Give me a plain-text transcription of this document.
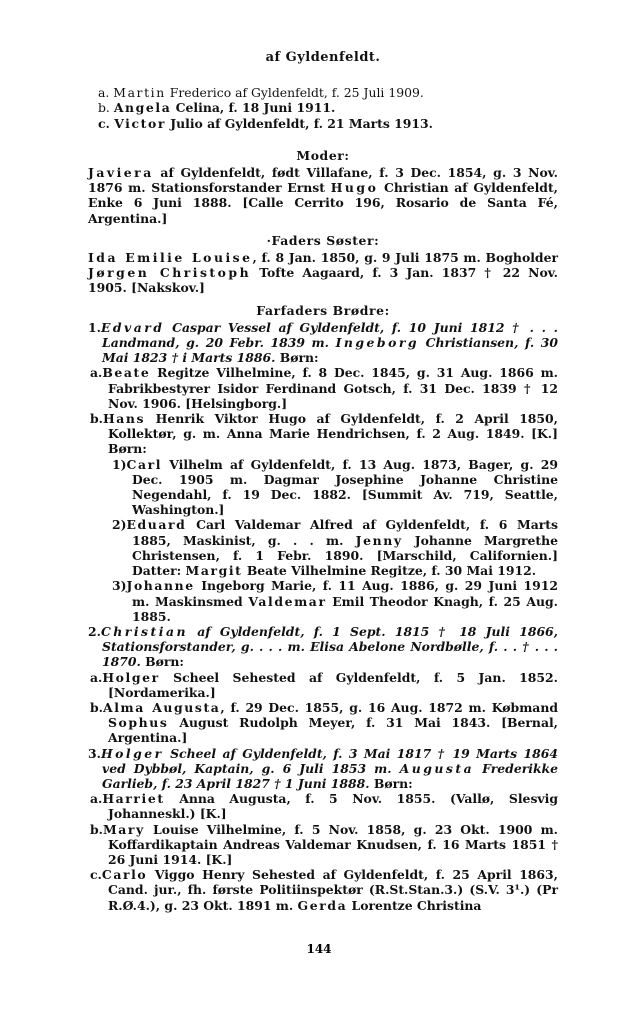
af Gyldenfeldt.

a. Martin Frederico af Gyldenfeldt, f. 25 Juli 1909.

b. Angela Celina, f. 18 Juni 1911.

c. Victor Julio af Gyldenfeldt, f. 21 Marts 1913.

Moder:

Javiera af Gyldenfeldt, født Villafane, f. 3 Dec. 1854, g. 3 Nov. 1876 m. Stationsforstander Ernst Hugo Christian af Gyldenfeldt, Enke 6 Juni 1888. [Calle Cerrito 196, Rosario de Santa Fé, Argentina.]

·Faders Søster:

Ida Emilie Louise, f. 8 Jan. 1850, g. 9 Juli 1875 m. Bogholder Jørgen Christoph Tofte Aagaard, f. 3 Jan. 1837 † 22 Nov. 1905. [Nakskov.]

Farfaders Brødre:

1.Edvard Caspar Vessel af Gyldenfeldt, f. 10 Juni 1812 † . . . Landmand, g. 20 Febr. 1839 m. Ingeborg Christiansen, f. 30 Mai 1823 † i Marts 1886. Børn:

a.Beate Regitze Vilhelmine, f. 8 Dec. 1845, g. 31 Aug. 1866 m. Fabrikbestyrer Isidor Ferdinand Gotsch, f. 31 Dec. 1839 † 12 Nov. 1906. [Helsingborg.]

b.Hans Henrik Viktor Hugo af Gyldenfeldt, f. 2 April 1850, Kollektør, g. m. Anna Marie Hendrichsen, f. 2 Aug. 1849. [K.] Børn:

1)Carl Vilhelm af Gyldenfeldt, f. 13 Aug. 1873, Bager, g. 29 Dec. 1905 m. Dagmar Josephine Johanne Christine Negendahl, f. 19 Dec. 1882. [Summit Av. 719, Seattle, Washington.]

2)Eduard Carl Valdemar Alfred af Gyldenfeldt, f. 6 Marts 1885, Maskinist, g. . . m. Jenny Johanne Margrethe Christensen, f. 1 Febr. 1890. [Marschild, Californien.] Datter: Margit Beate Vilhelmine Regitze, f. 30 Mai 1912.

3)Johanne Ingeborg Marie, f. 11 Aug. 1886, g. 29 Juni 1912 m. Maskinsmed Valdemar Emil Theodor Knagh, f. 25 Aug. 1885.

2.Christian af Gyldenfeldt, f. 1 Sept. 1815 † 18 Juli 1866, Stationsforstander, g. . . . m. Elisa Abelone Nordbølle, f. . . † . . . 1870. Børn:

a.Holger Scheel Sehested af Gyldenfeldt, f. 5 Jan. 1852. [Nordamerika.]

b.Alma Augusta, f. 29 Dec. 1855, g. 16 Aug. 1872 m. Købmand Sophus August Rudolph Meyer, f. 31 Mai 1843. [Bernal, Argentina.]

3.Holger Scheel af Gyldenfeldt, f. 3 Mai 1817 † 19 Marts 1864 ved Dybbøl, Kaptain, g. 6 Juli 1853 m. Augusta Frederikke Garlieb, f. 23 April 1827 † 1 Juni 1888. Børn:

a.Harriet Anna Augusta, f. 5 Nov. 1855. (Vallø, Slesvig Johanneskl.) [K.]

b.Mary Louise Vilhelmine, f. 5 Nov. 1858, g. 23 Okt. 1900 m. Koffardikaptain Andreas Valdemar Knudsen, f. 16 Marts 1851 † 26 Juni 1914. [K.]

c.Carlo Viggo Henry Sehested af Gyldenfeldt, f. 25 April 1863, Cand. jur., fh. første Politiinspektør (R.St.Stan.3.) (S.V. 3¹.) (Pr R.Ø.4.), g. 23 Okt. 1891 m. Gerda Lorentze Christina

144
